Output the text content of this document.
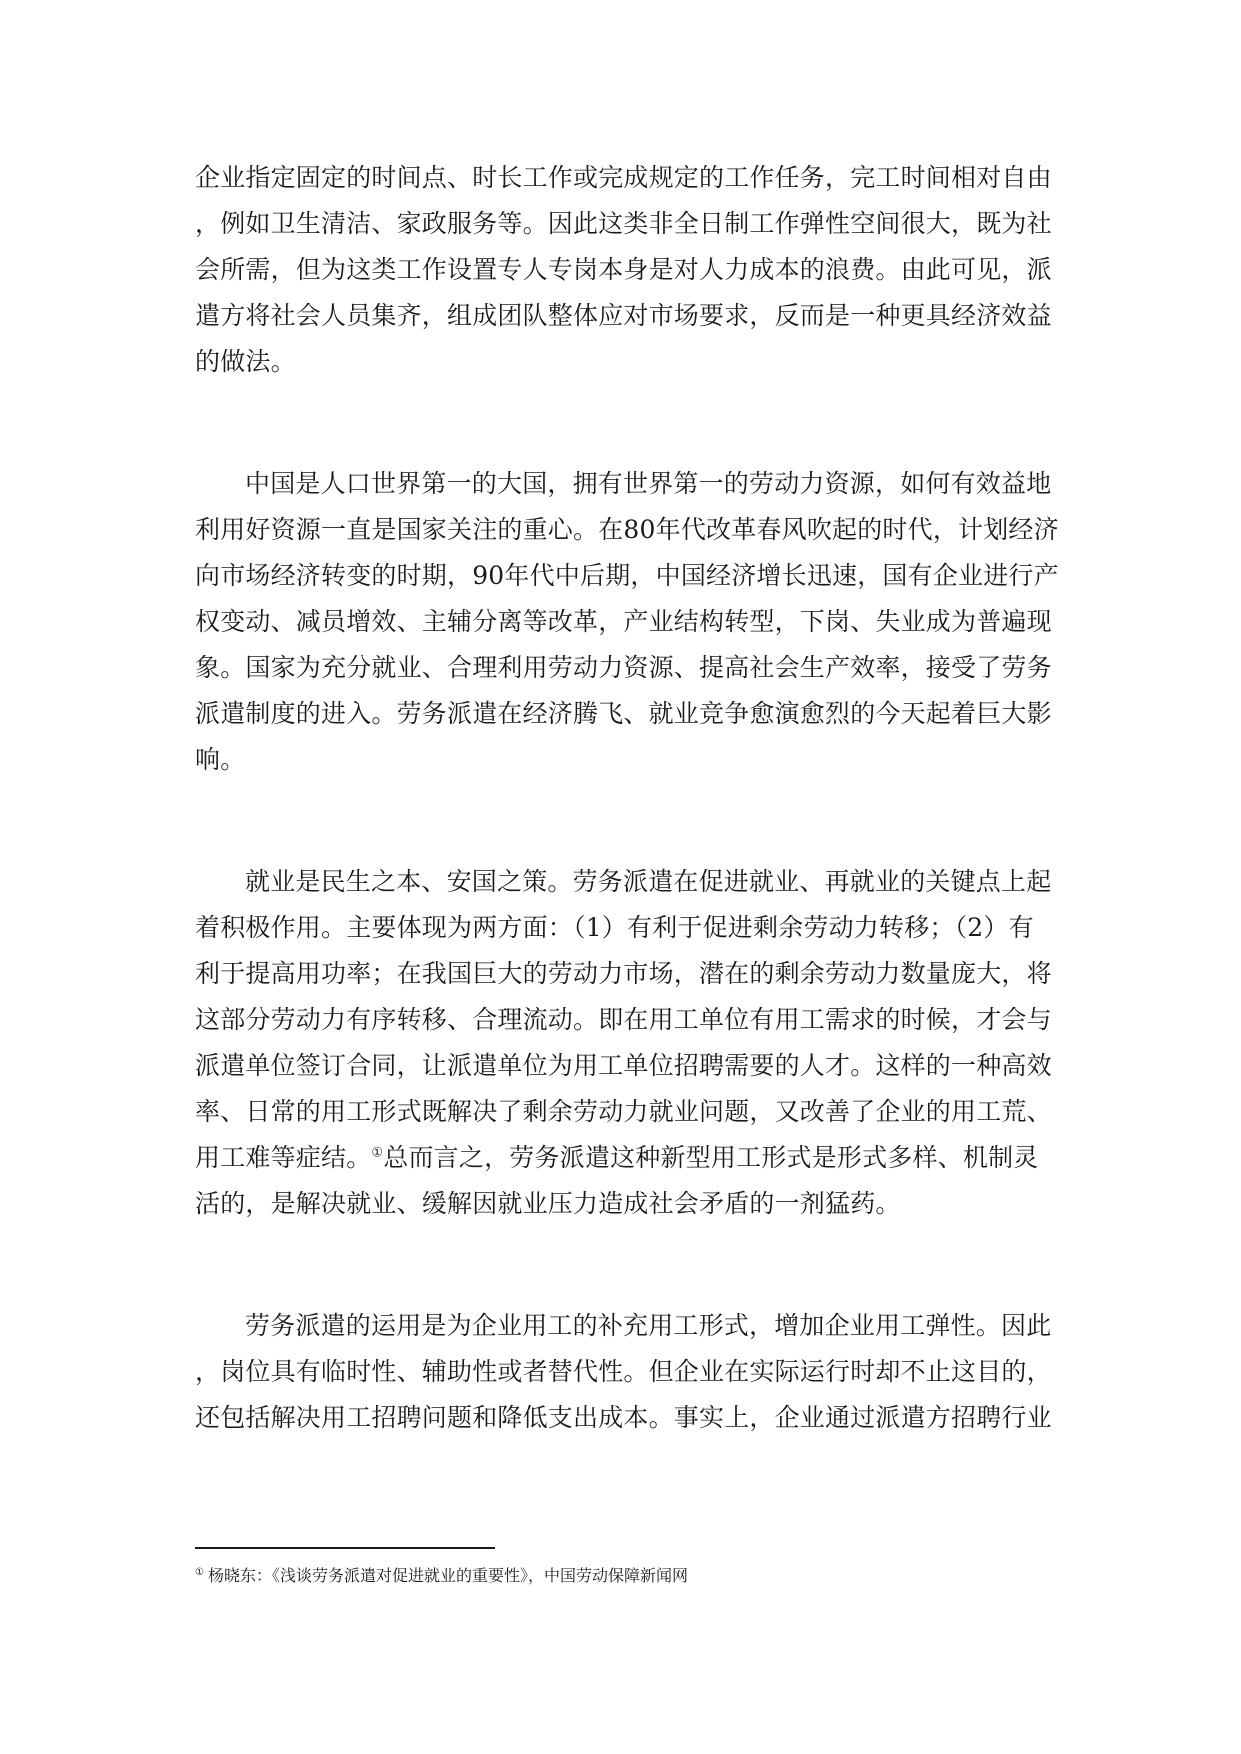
企业指定固定的时间点、时长工作或完成规定的工作任务，完工时间相对自由
，例如卫生清洁、家政服务等。因此这类非全日制工作弹性空间很大，既为社
会所需，但为这类工作设置专人专岗本身是对人力成本的浪费。由此可见，派
遣方将社会人员集齐，组成团队整体应对市场要求，反而是一种更具经济效益
的做法。
中国是人口世界第一的大国，拥有世界第一的劳动力资源，如何有效益地
利用好资源一直是国家关注的重心。在80年代改革春风吹起的时代，计划经济
向市场经济转变的时期，90年代中后期，中国经济增长迅速，国有企业进行产
权变动、减员增效、主辅分离等改革，产业结构转型，下岗、失业成为普遍现
象。国家为充分就业、合理利用劳动力资源、提高社会生产效率，接受了劳务
派遣制度的进入。劳务派遣在经济腾飞、就业竞争愈演愈烈的今天起着巨大影
响。
就业是民生之本、安国之策。劳务派遣在促进就业、再就业的关键点上起
着积极作用。主要体现为两方面：（1）有利于促进剩余劳动力转移；（2）有
利于提高用功率；在我国巨大的劳动力市场，潜在的剩余劳动力数量庞大，将
这部分劳动力有序转移、合理流动。即在用工单位有用工需求的时候，才会与
派遣单位签订合同，让派遣单位为用工单位招聘需要的人才。这样的一种高效
率、日常的用工形式既解决了剩余劳动力就业问题，又改善了企业的用工荒、
用工难等症结。①总而言之，劳务派遣这种新型用工形式是形式多样、机制灵
活的，是解决就业、缓解因就业压力造成社会矛盾的一剂猛药。
劳务派遣的运用是为企业用工的补充用工形式，增加企业用工弹性。因此
，岗位具有临时性、辅助性或者替代性。但企业在实际运行时却不止这目的，
还包括解决用工招聘问题和降低支出成本。事实上，企业通过派遣方招聘行业
① 杨晓东：《浅谈劳务派遣对促进就业的重要性》，中国劳动保障新闻网
